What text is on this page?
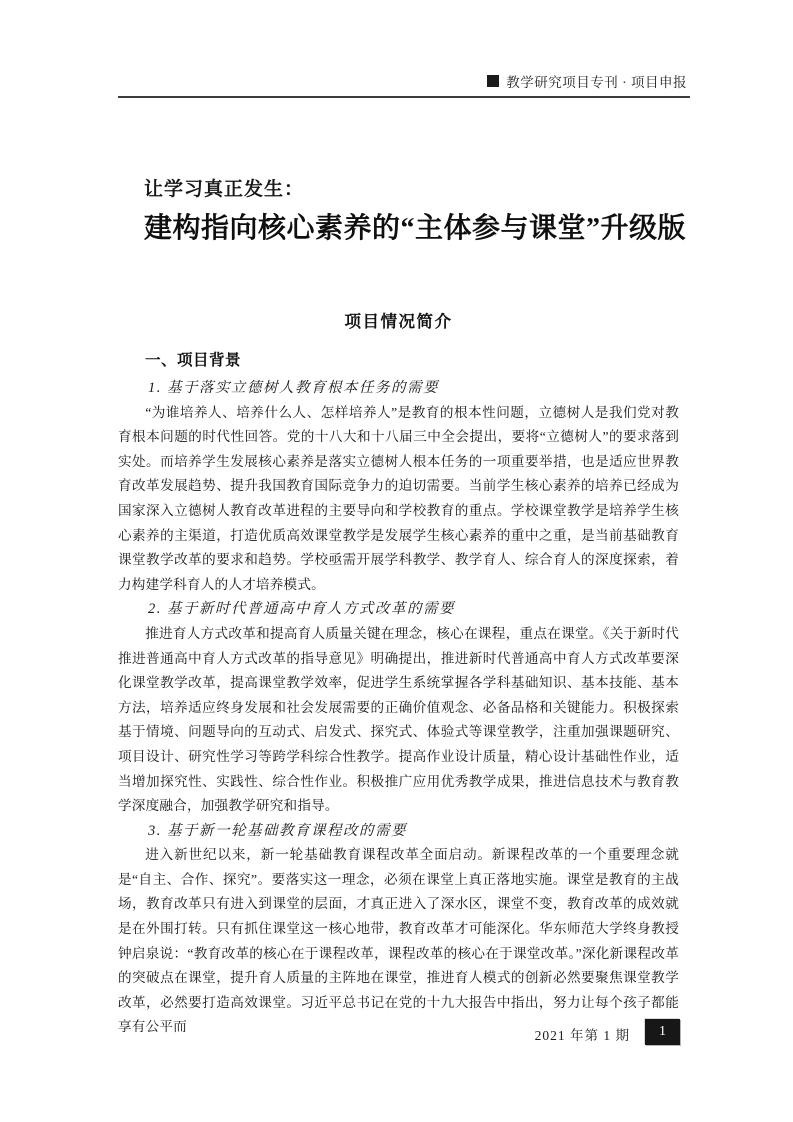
教学研究项目专刊 · 项目申报
让学习真正发生：
建构指向核心素养的“主体参与课堂”升级版
项目情况简介
一、项目背景
1. 基于落实立德树人教育根本任务的需要

“为谁培养人、培养什么人、怎样培养人”是教育的根本性问题，立德树人是我们党对教育根本问题的时代性回答。党的十八大和十八届三中全会提出，要将“立德树人”的要求落到实处。而培养学生发展核心素养是落实立德树人根本任务的一项重要举措，也是适应世界教育改革发展趋势、提升我国教育国际竞争力的迫切需要。当前学生核心素养的培养已经成为国家深入立德树人教育改革进程的主要导向和学校教育的重点。学校课堂教学是培养学生核心素养的主渠道，打造优质高效课堂教学是发展学生核心素养的重中之重，是当前基础教育课堂教学改革的要求和趋势。学校亟需开展学科教学、教学育人、综合育人的深度探索，着力构建学科育人的人才培养模式。

2. 基于新时代普通高中育人方式改革的需要

推进育人方式改革和提高育人质量关键在理念，核心在课程，重点在课堂。《关于新时代推进普通高中育人方式改革的指导意见》明确提出，推进新时代普通高中育人方式改革要深化课堂教学改革，提高课堂教学效率，促进学生系统掌握各学科基础知识、基本技能、基本方法，培养适应终身发展和社会发展需要的正确价值观念、必备品格和关键能力。积极探索基于情境、问题导向的互动式、启发式、探究式、体验式等课堂教学，注重加强课题研究、项目设计、研究性学习等跨学科综合性教学。提高作业设计质量，精心设计基础性作业，适当增加探究性、实践性、综合性作业。积极推广应用优秀教学成果，推进信息技术与教育教学深度融合，加强教学研究和指导。

3. 基于新一轮基础教育课程改的需要

进入新世纪以来，新一轮基础教育课程改革全面启动。新课程改革的一个重要理念就是“自主、合作、探究”。要落实这一理念，必须在课堂上真正落地实施。课堂是教育的主战场，教育改革只有进入到课堂的层面，才真正进入了深水区，课堂不变，教育改革的成效就是在外围打转。只有抓住课堂这一核心地带，教育改革才可能深化。华东师范大学终身教授钟启泉说：“教育改革的核心在于课程改革，课程改革的核心在于课堂改革。”深化新课程改革的突破点在课堂，提升育人质量的主阵地在课堂，推进育人模式的创新必然要聚焦课堂教学改革，必然要打造高效课堂。习近平总书记在党的十九大报告中指出，努力让每个孩子都能享有公平而

2021 年第 1 期 1
